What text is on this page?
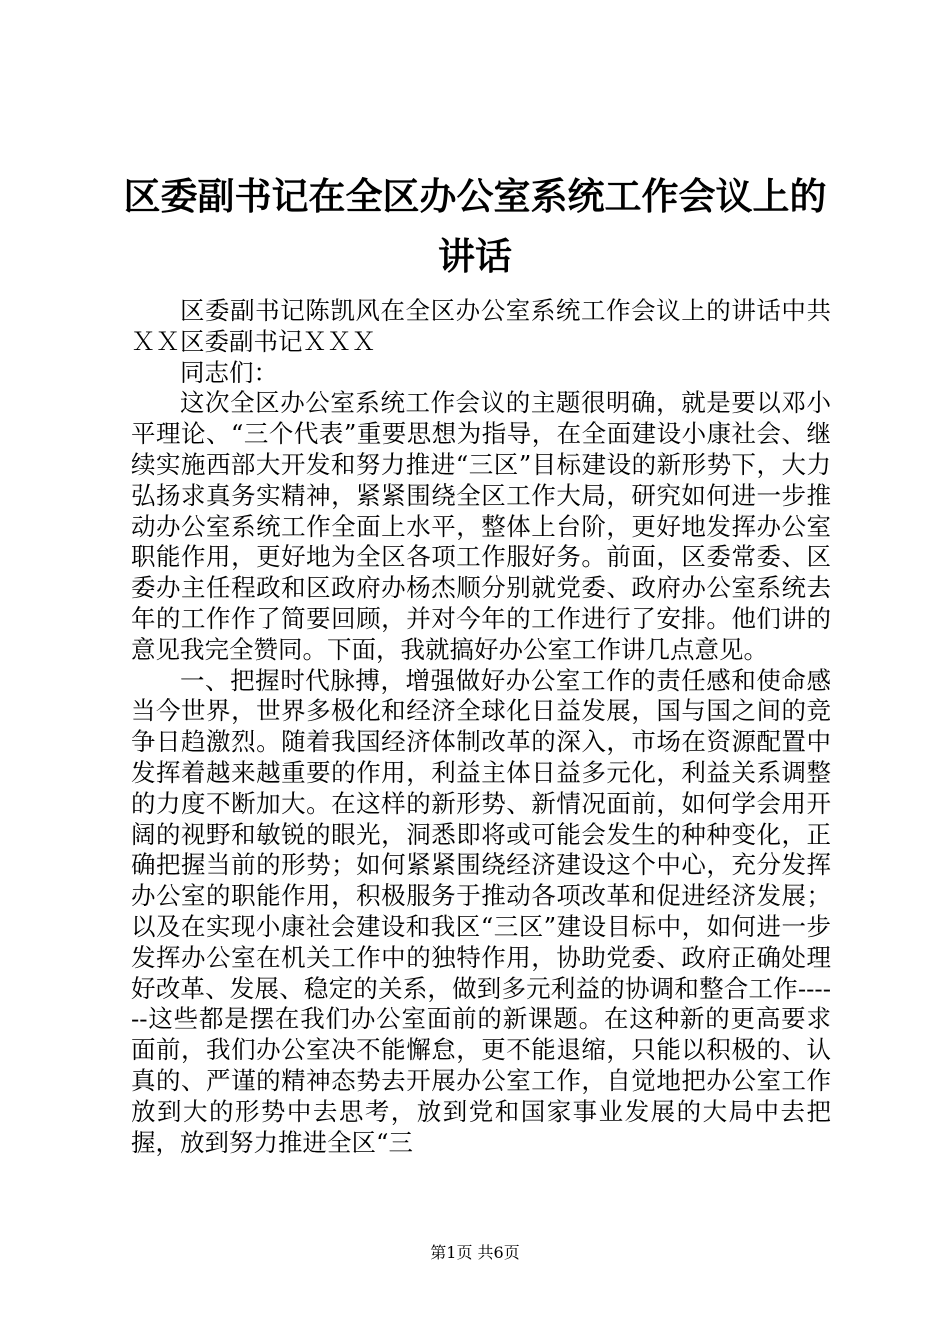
区委副书记在全区办公室系统工作会议上的讲话

区委副书记陈凯风在全区办公室系统工作会议上的讲话中共ＸＸ区委副书记ＸＸＸ

同志们：

这次全区办公室系统工作会议的主题很明确，就是要以邓小平理论、“三个代表”重要思想为指导，在全面建设小康社会、继续实施西部大开发和努力推进“三区”目标建设的新形势下，大力弘扬求真务实精神，紧紧围绕全区工作大局，研究如何进一步推动办公室系统工作全面上水平，整体上台阶，更好地发挥办公室职能作用，更好地为全区各项工作服好务。前面，区委常委、区委办主任程政和区政府办杨杰顺分别就党委、政府办公室系统去年的工作作了简要回顾，并对今年的工作进行了安排。他们讲的意见我完全赞同。下面，我就搞好办公室工作讲几点意见。

一、把握时代脉搏，增强做好办公室工作的责任感和使命感当今世界，世界多极化和经济全球化日益发展，国与国之间的竞争日趋激烈。随着我国经济体制改革的深入，市场在资源配置中发挥着越来越重要的作用，利益主体日益多元化，利益关系调整的力度不断加大。在这样的新形势、新情况面前，如何学会用开阔的视野和敏锐的眼光，洞悉即将或可能会发生的种种变化，正确把握当前的形势；如何紧紧围绕经济建设这个中心，充分发挥办公室的职能作用，积极服务于推动各项改革和促进经济发展；以及在实现小康社会建设和我区“三区”建设目标中，如何进一步发挥办公室在机关工作中的独特作用，协助党委、政府正确处理好改革、发展、稳定的关系，做到多元利益的协调和整合工作------这些都是摆在我们办公室面前的新课题。在这种新的更高要求面前，我们办公室决不能懈怠，更不能退缩，只能以积极的、认真的、严谨的精神态势去开展办公室工作，自觉地把办公室工作放到大的形势中去思考，放到党和国家事业发展的大局中去把握，放到努力推进全区“三

第1页 共6页
